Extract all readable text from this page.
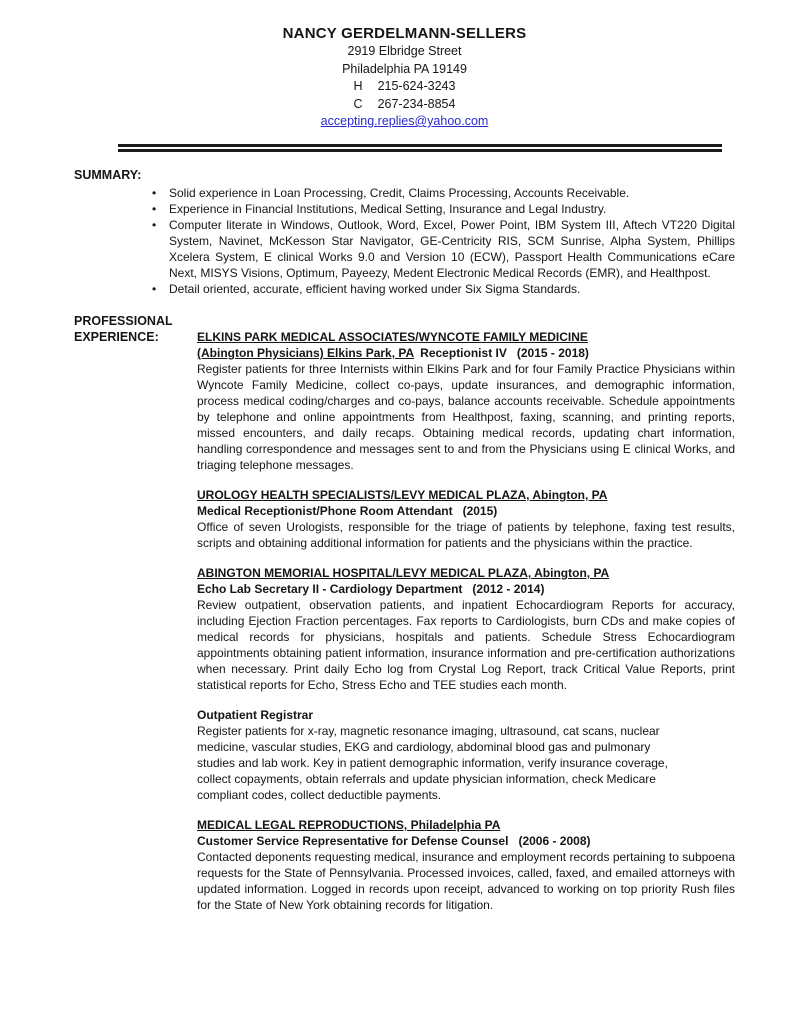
NANCY GERDELMANN-SELLERS
2919 Elbridge Street
Philadelphia PA 19149
H 215-624-3243
C 267-234-8854
accepting.replies@yahoo.com
SUMMARY:
• Solid experience in Loan Processing, Credit, Claims Processing, Accounts Receivable.
• Experience in Financial Institutions, Medical Setting, Insurance and Legal Industry.
• Computer literate in Windows, Outlook, Word, Excel, Power Point, IBM System III, Aftech VT220 Digital System, Navinet, McKesson Star Navigator, GE-Centricity RIS, SCM Sunrise, Alpha System, Phillips Xcelera System, E clinical Works 9.0 and Version 10 (ECW), Passport Health Communications eCare Next, MISYS Visions, Optimum, Payeezy, Medent Electronic Medical Records (EMR), and Healthpost.
• Detail oriented, accurate, efficient having worked under Six Sigma Standards.
PROFESSIONAL
EXPERIENCE:	ELKINS PARK MEDICAL ASSOCIATES/WYNCOTE FAMILY MEDICINE
(Abington Physicians) Elkins Park, PA Receptionist IV (2015 - 2018)

Register patients for three Internists within Elkins Park and for four Family Practice Physicians within Wyncote Family Medicine, collect co-pays, update insurances, and demographic information, process medical coding/charges and co-pays, balance accounts receivable. Schedule appointments by telephone and online appointments from Healthpost, faxing, scanning, and printing reports, missed encounters, and daily recaps. Obtaining medical records, updating chart information, handling correspondence and messages sent to and from the Physicians using E clinical Works, and triaging telephone messages.

UROLOGY HEALTH SPECIALISTS/LEVY MEDICAL PLAZA, Abington, PA
Medical Receptionist/Phone Room Attendant (2015)

Office of seven Urologists, responsible for the triage of patients by telephone, faxing test results, scripts and obtaining additional information for patients and the physicians within the practice.

ABINGTON MEMORIAL HOSPITAL/LEVY MEDICAL PLAZA, Abington, PA
Echo Lab Secretary II - Cardiology Department (2012 - 2014)

Review outpatient, observation patients, and inpatient Echocardiogram Reports for accuracy, including Ejection Fraction percentages. Fax reports to Cardiologists, burn CDs and make copies of medical records for physicians, hospitals and patients. Schedule Stress Echocardiogram appointments obtaining patient information, insurance information and pre-certification authorizations when necessary. Print daily Echo log from Crystal Log Report, track Critical Value Reports, print statistical reports for Echo, Stress Echo and TEE studies each month.

Outpatient Registrar

Register patients for x-ray, magnetic resonance imaging, ultrasound, cat scans, nuclear medicine, vascular studies, EKG and cardiology, abdominal blood gas and pulmonary studies and lab work. Key in patient demographic information, verify insurance coverage, collect copayments, obtain referrals and update physician information, check Medicare compliant codes, collect deductible payments.

MEDICAL LEGAL REPRODUCTIONS, Philadelphia PA
Customer Service Representative for Defense Counsel (2006 - 2008)

Contacted deponents requesting medical, insurance and employment records pertaining to subpoena requests for the State of Pennsylvania. Processed invoices, called, faxed, and emailed attorneys with updated information. Logged in records upon receipt, advanced to working on top priority Rush files for the State of New York obtaining records for litigation.
